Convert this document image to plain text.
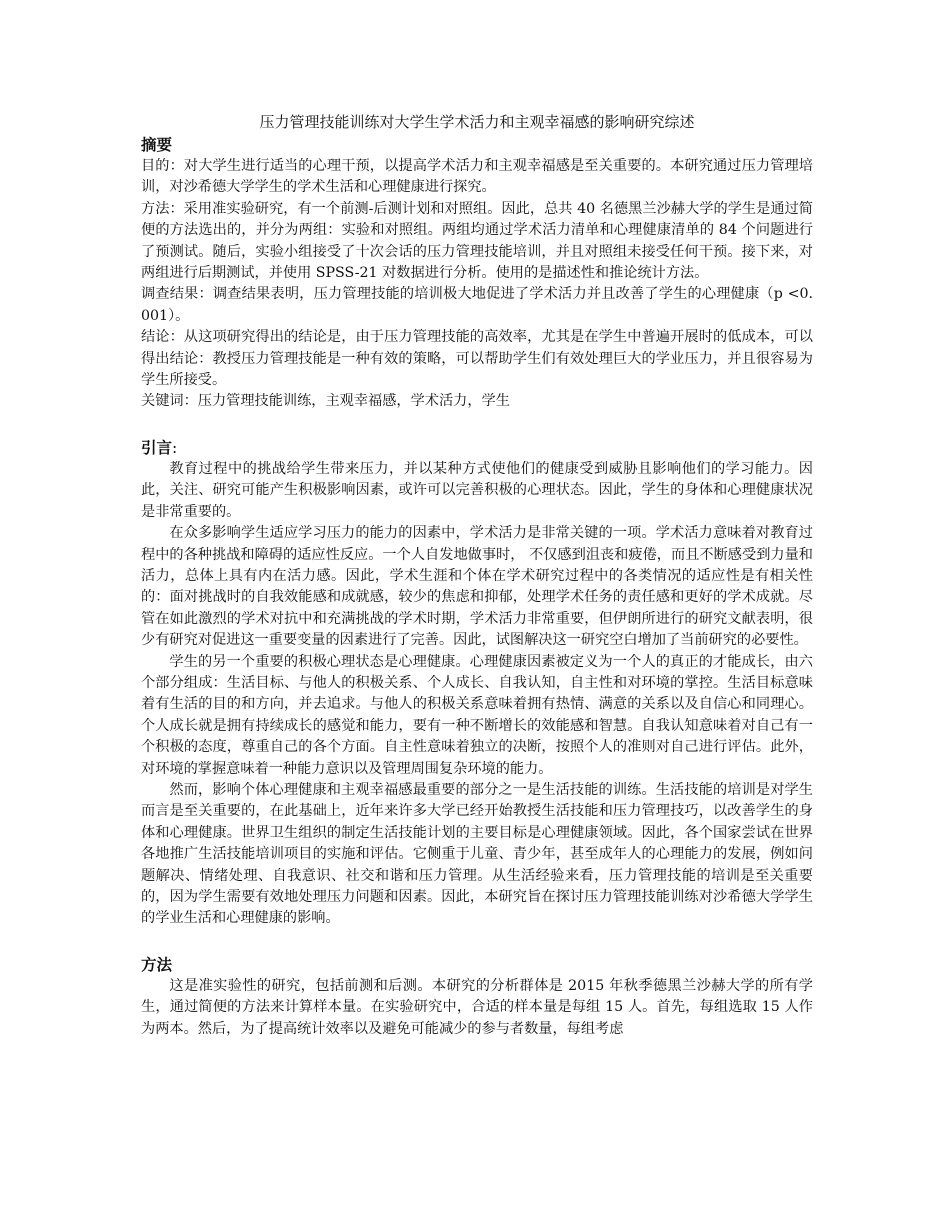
压力管理技能训练对大学生学术活力和主观幸福感的影响研究综述

摘要

目的：对大学生进行适当的心理干预，以提高学术活力和主观幸福感是至关重要的。本研究通过压力管理培训，对沙希德大学学生的学术生活和心理健康进行探究。

方法：采用准实验研究，有一个前测-后测计划和对照组。因此，总共 40 名德黑兰沙赫大学的学生是通过简便的方法选出的，并分为两组：实验和对照组。两组均通过学术活力清单和心理健康清单的 84 个问题进行了预测试。随后，实验小组接受了十次会话的压力管理技能培训，并且对照组未接受任何干预。接下来，对两组进行后期测试，并使用 SPSS-21 对数据进行分析。使用的是描述性和推论统计方法。

调查结果：调查结果表明，压力管理技能的培训极大地促进了学术活力并且改善了学生的心理健康（p <0.001）。

结论：从这项研究得出的结论是，由于压力管理技能的高效率，尤其是在学生中普遍开展时的低成本，可以得出结论：教授压力管理技能是一种有效的策略，可以帮助学生们有效处理巨大的学业压力，并且很容易为学生所接受。

关键词：压力管理技能训练，主观幸福感，学术活力，学生

引言:

教育过程中的挑战给学生带来压力，并以某种方式使他们的健康受到威胁且影响他们的学习能力。因此，关注、研究可能产生积极影响因素，或许可以完善积极的心理状态。因此，学生的身体和心理健康状况是非常重要的。

在众多影响学生适应学习压力的能力的因素中，学术活力是非常关键的一项。学术活力意味着对教育过程中的各种挑战和障碍的适应性反应。一个人自发地做事时， 不仅感到沮丧和疲倦，而且不断感受到力量和活力，总体上具有内在活力感。因此，学术生涯和个体在学术研究过程中的各类情况的适应性是有相关性的：面对挑战时的自我效能感和成就感，较少的焦虑和抑郁，处理学术任务的责任感和更好的学术成就。尽管在如此激烈的学术对抗中和充满挑战的学术时期，学术活力非常重要，但伊朗所进行的研究文献表明，很少有研究对促进这一重要变量的因素进行了完善。因此，试图解决这一研究空白增加了当前研究的必要性。

学生的另一个重要的积极心理状态是心理健康。心理健康因素被定义为一个人的真正的才能成长，由六个部分组成：生活目标、与他人的积极关系、个人成长、自我认知，自主性和对环境的掌控。生活目标意味着有生活的目的和方向，并去追求。与他人的积极关系意味着拥有热情、满意的关系以及自信心和同理心。个人成长就是拥有持续成长的感觉和能力，要有一种不断增长的效能感和智慧。自我认知意味着对自己有一个积极的态度，尊重自己的各个方面。自主性意味着独立的决断，按照个人的准则对自己进行评估。此外， 对环境的掌握意味着一种能力意识以及管理周围复杂环境的能力。

然而，影响个体心理健康和主观幸福感最重要的部分之一是生活技能的训练。生活技能的培训是对学生而言是至关重要的，在此基础上，近年来许多大学已经开始教授生活技能和压力管理技巧，以改善学生的身体和心理健康。世界卫生组织的制定生活技能计划的主要目标是心理健康领域。因此，各个国家尝试在世界各地推广生活技能培训项目的实施和评估。它侧重于儿童、青少年，甚至成年人的心理能力的发展，例如问题解决、情绪处理、自我意识、社交和谐和压力管理。从生活经验来看，压力管理技能的培训是至关重要的，因为学生需要有效地处理压力问题和因素。因此，本研究旨在探讨压力管理技能训练对沙希德大学学生的学业生活和心理健康的影响。

方法

这是准实验性的研究，包括前测和后测。本研究的分析群体是 2015 年秋季德黑兰沙赫大学的所有学生，通过简便的方法来计算样本量。在实验研究中，合适的样本量是每组 15 人。首先，每组选取 15 人作为两本。然后，为了提高统计效率以及避免可能减少的参与者数量，每组考虑
